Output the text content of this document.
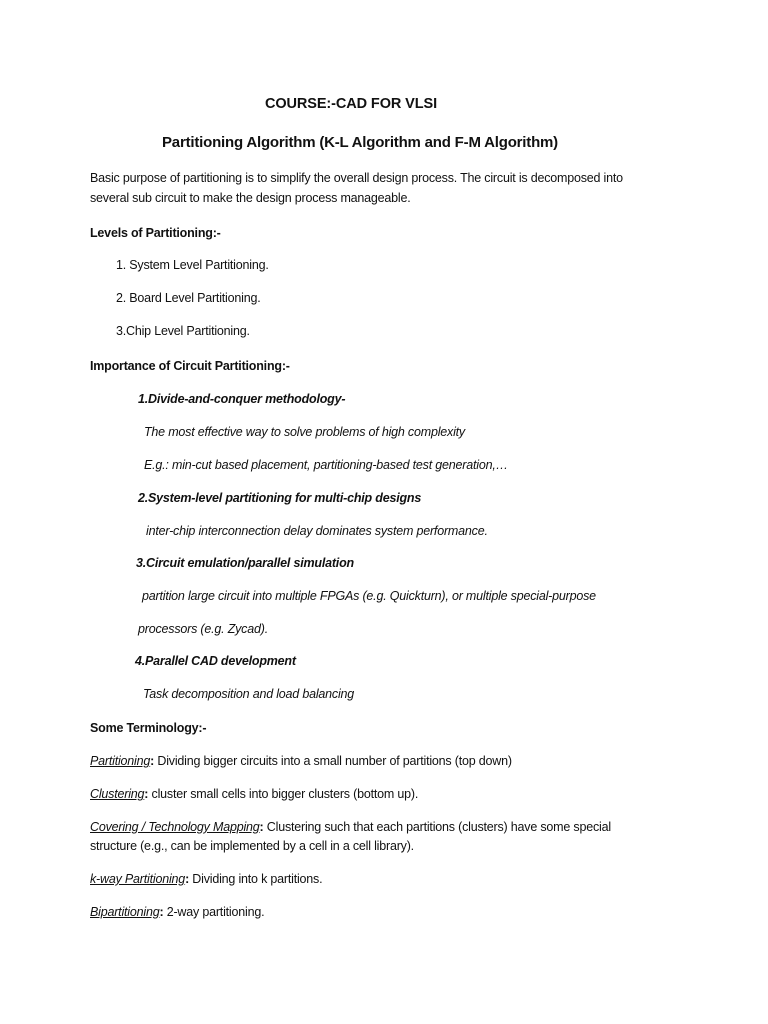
COURSE:-CAD FOR VLSI
Partitioning Algorithm (K-L Algorithm and F-M Algorithm)
Basic purpose of partitioning is to simplify the overall design process. The circuit is decomposed into
several sub circuit to make the design process manageable.
Levels of Partitioning:-
1. System Level Partitioning.
2. Board Level Partitioning.
3.Chip Level Partitioning.
Importance of Circuit Partitioning:-
1.Divide-and-conquer methodology-
The most effective way to solve problems of high complexity
E.g.: min-cut based placement, partitioning-based test generation,…
2.System-level partitioning for multi-chip designs
inter-chip interconnection delay dominates system performance.
3.Circuit emulation/parallel simulation
partition large circuit into multiple FPGAs (e.g. Quickturn), or multiple special-purpose
processors (e.g. Zycad).
4.Parallel CAD development
Task decomposition and load balancing
Some Terminology:-
Partitioning: Dividing bigger circuits into a small number of partitions (top down)
Clustering: cluster small cells into bigger clusters (bottom up).
Covering / Technology Mapping: Clustering such that each partitions (clusters) have some special
structure (e.g., can be implemented by a cell in a cell library).
k-way Partitioning: Dividing into k partitions.
Bipartitioning: 2-way partitioning.
